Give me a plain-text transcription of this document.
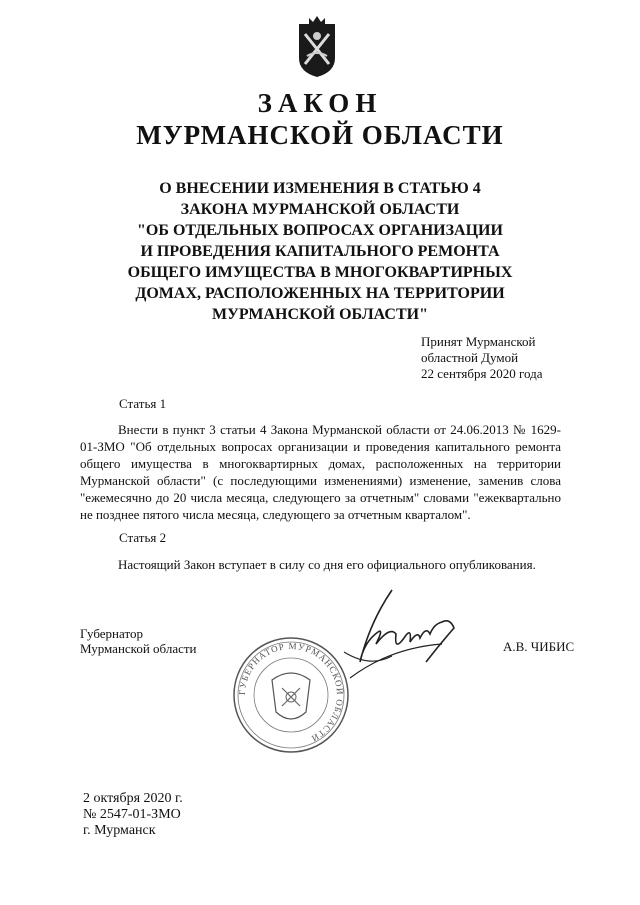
ЗАКОН
МУРМАНСКОЙ ОБЛАСТИ
О ВНЕСЕНИИ ИЗМЕНЕНИЯ В СТАТЬЮ 4
ЗАКОНА МУРМАНСКОЙ ОБЛАСТИ
"ОБ ОТДЕЛЬНЫХ ВОПРОСАХ ОРГАНИЗАЦИИ
И ПРОВЕДЕНИЯ КАПИТАЛЬНОГО РЕМОНТА
ОБЩЕГО ИМУЩЕСТВА В МНОГОКВАРТИРНЫХ
ДОМАХ, РАСПОЛОЖЕННЫХ НА ТЕРРИТОРИИ
МУРМАНСКОЙ ОБЛАСТИ"
Принят Мурманской
областной Думой
22 сентября 2020 года
Статья 1

Внести в пункт 3 статьи 4 Закона Мурманской области от 24.06.2013 № 1629-01-ЗМО "Об отдельных вопросах организации и проведения капитального ремонта общего имущества в многоквартирных домах, расположенных на территории Мурманской области" (с последующими изменениями) изменение, заменив слова "ежемесячно до 20 числа месяца, следующего за отчетным" словами "ежеквартально не позднее пятого числа месяца, следующего за отчетным кварталом".

Статья 2

Настоящий Закон вступает в силу со дня его официального опубликования.

ГУБЕРНАТОР МУРМАНСКОЙ ОБЛАСТИ
Губернатор
Мурманской области	А.В. ЧИБИС
2 октября 2020 г.
№ 2547-01-ЗМО
г. Мурманск
